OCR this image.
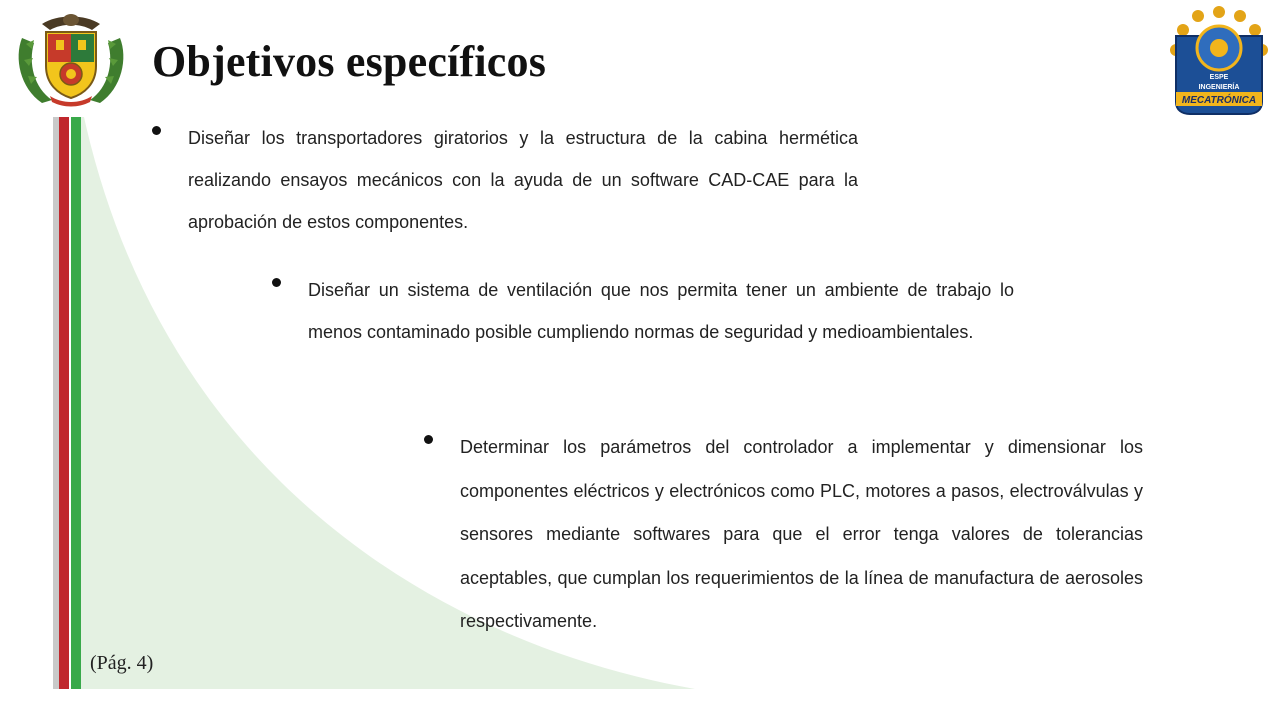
Objetivos específicos	ESPE
INGENIERÍA
MECATRÓNICA

Diseñar los transportadores giratorios y la estructura de la cabina hermética realizando ensayos mecánicos con la ayuda de un software CAD-CAE para la aprobación de estos componentes.

Diseñar un sistema de ventilación que nos permita tener un ambiente de trabajo lo menos contaminado posible cumpliendo normas de seguridad y medioambientales.

Determinar los parámetros del controlador a implementar y dimensionar los componentes eléctricos y electrónicos como PLC, motores a pasos, electroválvulas y sensores mediante softwares para que el error tenga valores de tolerancias aceptables, que cumplan los requerimientos de la línea de manufactura de aerosoles respectivamente.

(Pág. 4)
